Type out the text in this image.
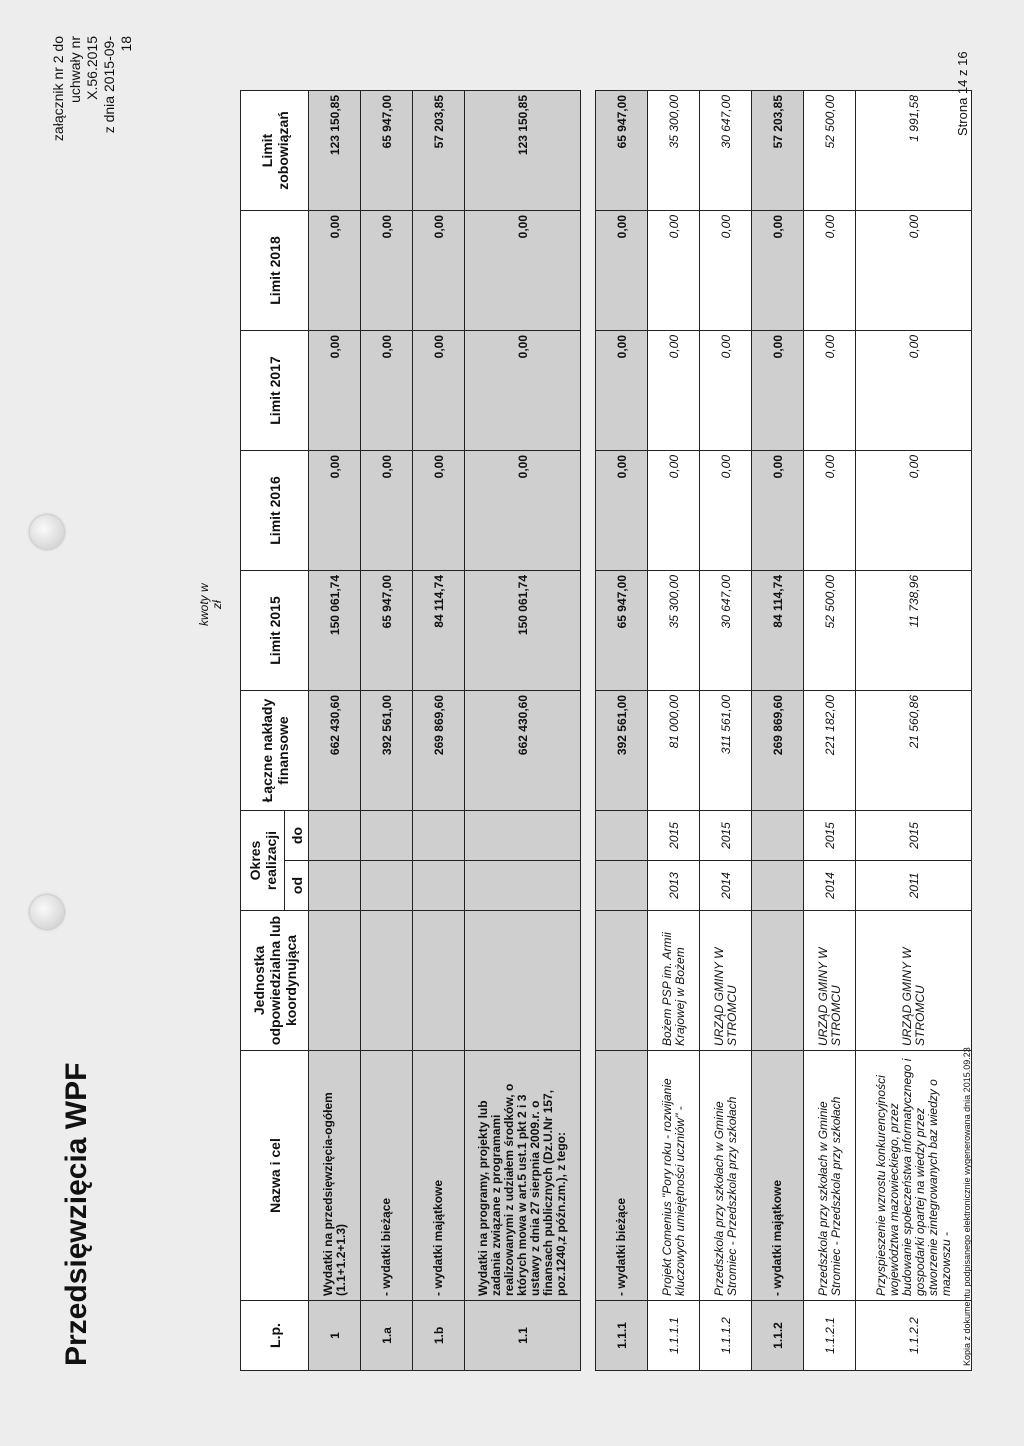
Przedsięwzięcia WPF
załącznik nr 2 do uchwały nr X.56.2015 z dnia 2015-09-18
kwoty w zł
L.p.	Nazwa i cel	Jednostka odpowiedzialna lub koordynująca	Okres realizacji		Łączne nakłady finansowe	Limit 2015	Limit 2016	Limit 2017	Limit 2018	Limit zobowiązań
			od	do						
1	Wydatki na przedsięwzięcia-ogółem (1.1+1.2+1.3)				662 430,60	150 061,74	0,00	0,00	0,00	123 150,85
1.a	- wydatki bieżące				392 561,00	65 947,00	0,00	0,00	0,00	65 947,00
1.b	- wydatki majątkowe				269 869,60	84 114,74	0,00	0,00	0,00	57 203,85
1.1	Wydatki na programy, projekty lub zadania związane z programami realizowanymi z udziałem środków, o których mowa w art.5 ust.1 pkt 2 i 3 ustawy z dnia 27 sierpnia 2009.r. o finansach publicznych (Dz.U.Nr 157, poz.1240,z późn.zm.), z tego:				662 430,60	150 061,74	0,00	0,00	0,00	123 150,85

1.1.1	- wydatki bieżące				392 561,00	65 947,00	0,00	0,00	0,00	65 947,00
1.1.1.1	Projekt Comenius "Pory roku - rozwijanie kluczowych umiejętności uczniów" -	Bożem PSP im. Armii Krajowej w Bożem	2013	2015	81 000,00	35 300,00	0,00	0,00	0,00	35 300,00
1.1.1.2	Przedszkola przy szkołach w Gminie Stromiec - Przedszkola przy szkołach	URZĄD GMINY W STROMCU	2014	2015	311 561,00	30 647,00	0,00	0,00	0,00	30 647,00
1.1.2	- wydatki majątkowe				269 869,60	84 114,74	0,00	0,00	0,00	57 203,85
1.1.2.1	Przedszkola przy szkołach w Gminie Stromiec - Przedszkola przy szkołach	URZĄD GMINY W STROMCU	2014	2015	221 182,00	52 500,00	0,00	0,00	0,00	52 500,00
1.1.2.2	Przyspieszenie wzrostu konkurencyjności województwa mazowieckiego, przez budowanie społeczeństwa informatycznego i gospodarki opartej na wiedzy przez stworzenie zintegrowanych baz wiedzy o mazowszu -	URZĄD GMINY W STROMCU	2011	2015	21 560,86	11 738,96	0,00	0,00	0,00	1 991,58
Kopia z dokumentu podpisanego elektronicznie wygenerowana dnia 2015.09.23
Strona 14 z 16
